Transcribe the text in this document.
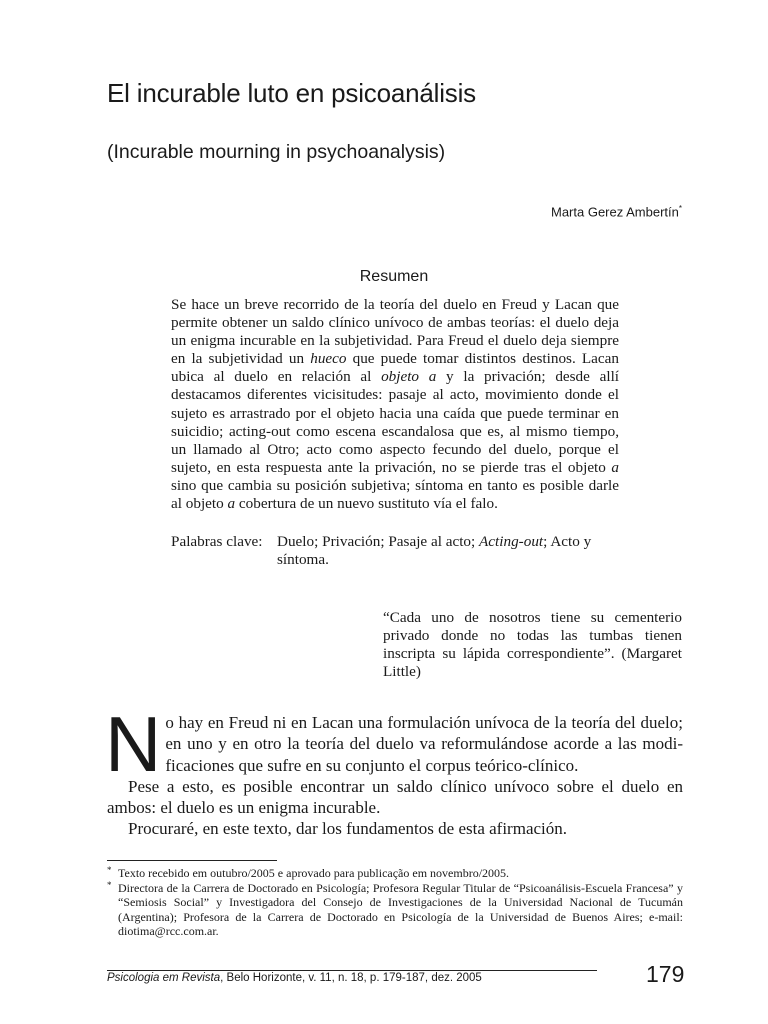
El incurable luto en psicoanálisis
(Incurable mourning in psychoanalysis)
Marta Gerez Ambertín*
Resumen

Se hace un breve recorrido de la teoría del duelo en Freud y Lacan que permite obtener un saldo clínico unívoco de ambas teorías: el duelo deja un enigma incurable en la subjetividad. Para Freud el duelo deja siempre en la subjetividad un hueco que puede tomar distintos destinos. Lacan ubica al duelo en relación al objeto a y la privación; desde allí destacamos diferentes vicisitudes: pasaje al acto, movimiento donde el sujeto es arrastrado por el objeto hacia una caída que puede terminar en suicidio; acting-out como escena escandalosa que es, al mismo tiempo, un llamado al Otro; acto como aspecto fecundo del duelo, porque el sujeto, en esta respuesta ante la privación, no se pierde tras el objeto a sino que cambia su posición subjetiva; síntoma en tanto es posible darle al objeto a cobertura de un nuevo sustituto vía el falo.

Palabras clave: Duelo; Privación; Pasaje al acto; Acting-out; Acto y síntoma.
“Cada uno de nosotros tiene su cementerio privado donde no todas las tumbas tienen inscripta su lápida correspondiente”. (Margaret Little)
N o hay en Freud ni en Lacan una formulación unívoca de la teoría del duelo; en uno y en otro la teoría del duelo va reformulándose acorde a las modificaciones que sufre en su conjunto el corpus teórico-clínico.

Pese a esto, es posible encontrar un saldo clínico unívoco sobre el duelo en ambos: el duelo es un enigma incurable.

Procuraré, en este texto, dar los fundamentos de esta afirmación.

* Texto recebido em outubro/2005 e aprovado para publicação em novembro/2005.
* Directora de la Carrera de Doctorado en Psicología; Profesora Regular Titular de “Psicoanálisis-Escuela Francesa” y “Semiosis Social” y Investigadora del Consejo de Investigaciones de la Universidad Nacional de Tucumán (Argentina); Profesora de la Carrera de Doctorado en Psicología de la Universidad de Buenos Aires; e-mail: diotima@rcc.com.ar.
Psicologia em Revista, Belo Horizonte, v. 11, n. 18, p. 179-187, dez. 2005	179
